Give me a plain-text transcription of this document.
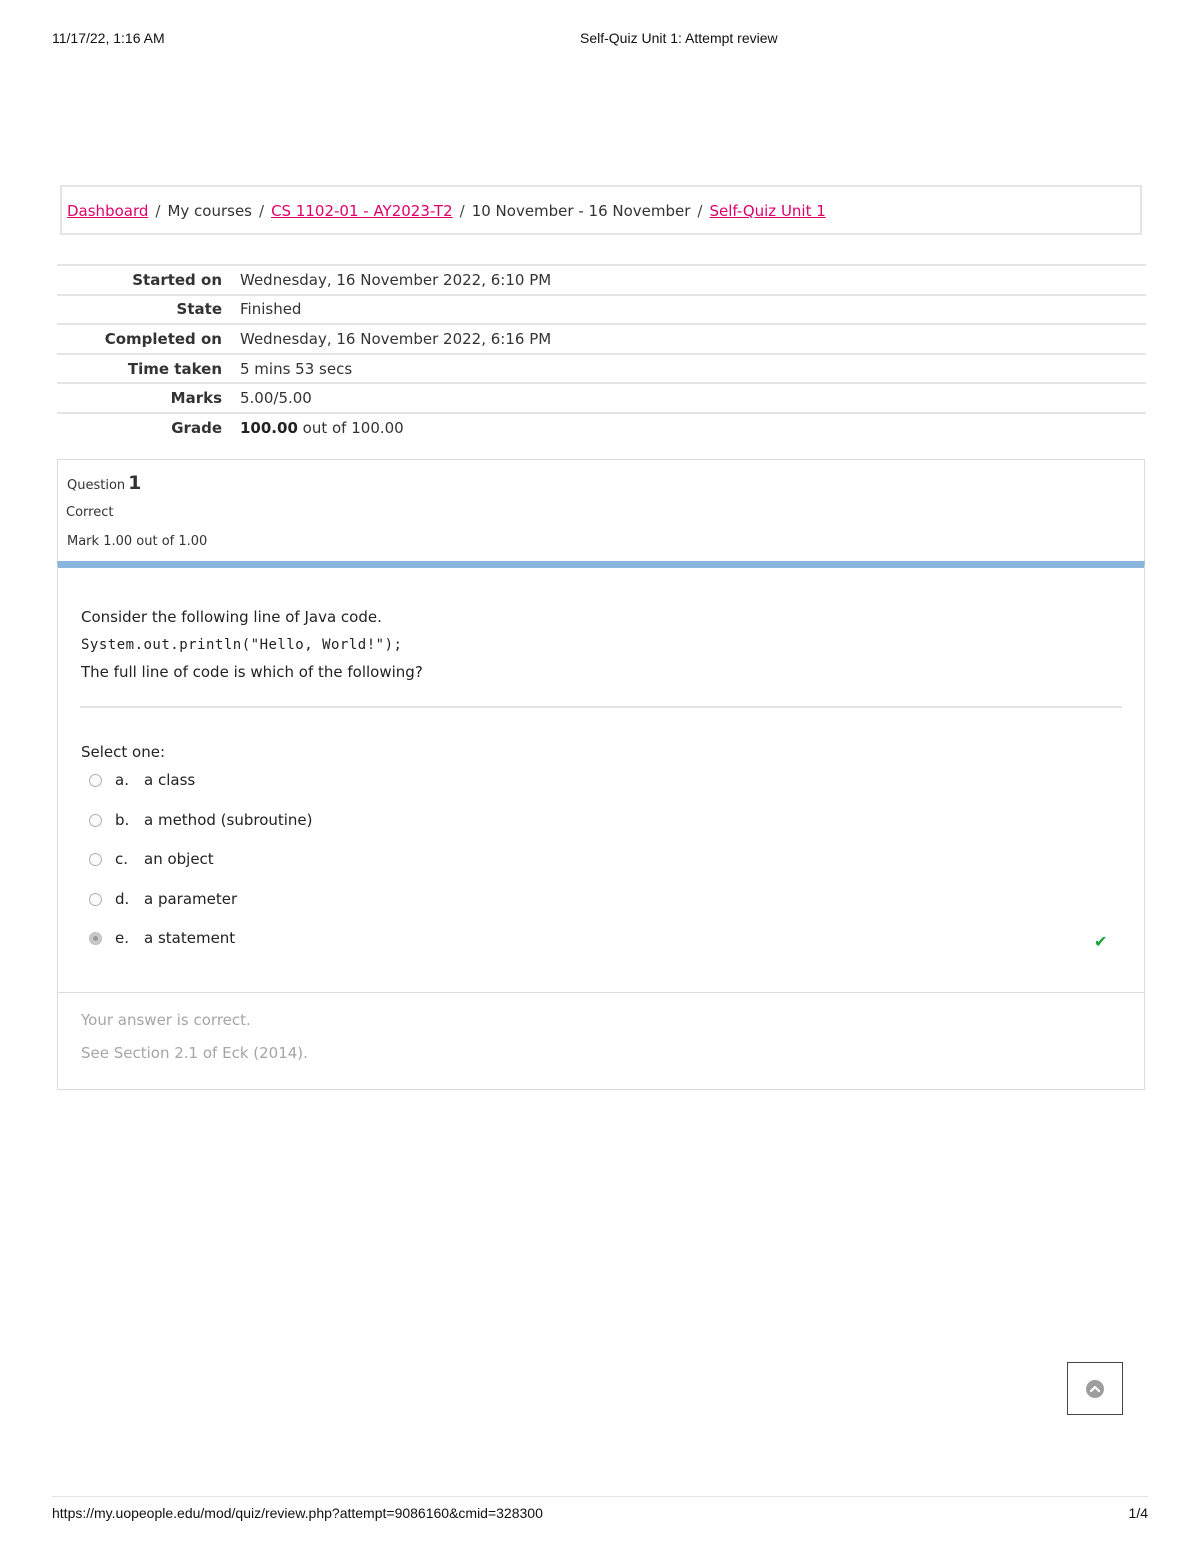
11/17/22, 1:16 AM	Self-Quiz Unit 1: Attempt review
Dashboard / My courses / CS 1102-01 - AY2023-T2 / 10 November - 16 November / Self-Quiz Unit 1
Started on	Wednesday, 16 November 2022, 6:10 PM
State	Finished
Completed on	Wednesday, 16 November 2022, 6:16 PM
Time taken	5 mins 53 secs
Marks	5.00/5.00
Grade	100.00 out of 100.00
Question 1
Correct
Mark 1.00 out of 1.00
Consider the following line of Java code.
System.out.println("Hello, World!");
The full line of code is which of the following?
Select one:
a. a class
b. a method (subroutine)
c. an object
d. a parameter
e. a statement	✔
Your answer is correct.
See Section 2.1 of Eck (2014).
https://my.uopeople.edu/mod/quiz/review.php?attempt=9086160&cmid=328300	1/4
